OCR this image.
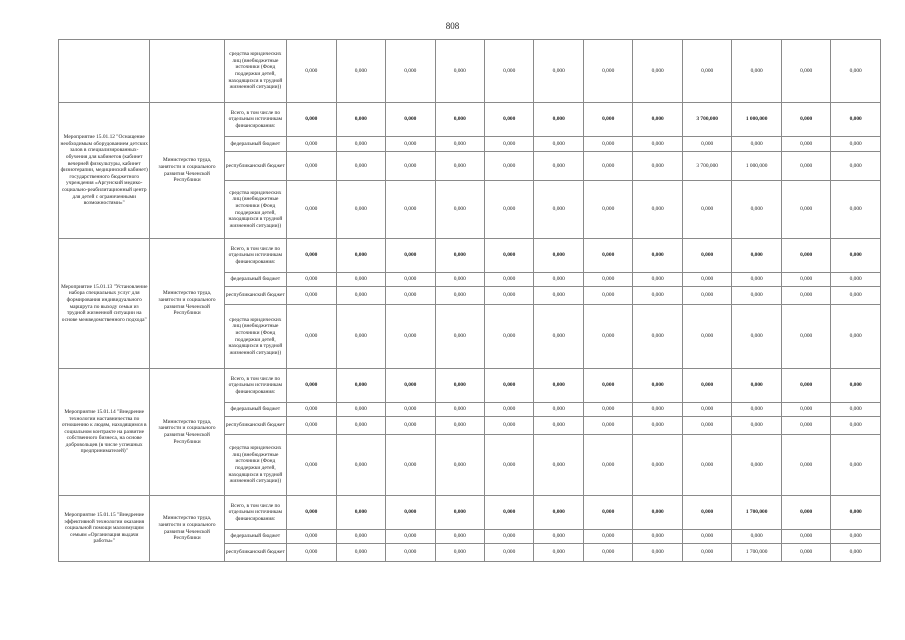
808
		средства юридических лиц (внебюджетные источники (Фонд поддержки детей, находящихся в трудной жизненной ситуации))	0,000	0,000	0,000	0,000	0,000	0,000	0,000	0,000	0,000	0,000	0,000	0,000
Мероприятие 15.01.12 "Оснащение необходимым оборудованием детских залов в специализированных-обучения для кабинетов (кабинет вечерней физкультуры, кабинет физиотерапии, медицинский кабинет) государственного бюджетного учреждения «Аргунский медико-социально-реабилитационный центр для детей с ограниченными возможностями»"	Министерство труда, занятости и социального развития Чеченской Республики	Всего, в том числе по отдельным источникам финансирования:	0,000	0,000	0,000	0,000	0,000	0,000	0,000	0,000	3 700,000	1 000,000	0,000	0,000
		федеральный бюджет	0,000	0,000	0,000	0,000	0,000	0,000	0,000	0,000	0,000	0,000	0,000	0,000
		республиканский бюджет	0,000	0,000	0,000	0,000	0,000	0,000	0,000	0,000	3 700,000	1 000,000	0,000	0,000
		средства юридических лиц (внебюджетные источники (Фонд поддержки детей, находящихся в трудной жизненной ситуации))	0,000	0,000	0,000	0,000	0,000	0,000	0,000	0,000	0,000	0,000	0,000	0,000
Мероприятие 15.01.13 "Установление набора специальных услуг для формирования индивидуального маршрута по выходу семьи из трудной жизненной ситуации на основе межведомственного подхода"	Министерство труда, занятости и социального развития Чеченской Республики	Всего, в том числе по отдельным источникам финансирования:	0,000	0,000	0,000	0,000	0,000	0,000	0,000	0,000	0,000	0,000	0,000	0,000
		федеральный бюджет	0,000	0,000	0,000	0,000	0,000	0,000	0,000	0,000	0,000	0,000	0,000	0,000
		республиканский бюджет	0,000	0,000	0,000	0,000	0,000	0,000	0,000	0,000	0,000	0,000	0,000	0,000
		средства юридических лиц (внебюджетные источники (Фонд поддержки детей, находящихся в трудной жизненной ситуации))	0,000	0,000	0,000	0,000	0,000	0,000	0,000	0,000	0,000	0,000	0,000	0,000
Мероприятие 15.01.14 "Внедрение технологии наставничества по отношению к людям, находящимся в социальном контракте на развитие собственного бизнеса, на основе добровольцев (в числе успешных предпринимателей)"	Министерство труда, занятости и социального развития Чеченской Республики	Всего, в том числе по отдельным источникам финансирования:	0,000	0,000	0,000	0,000	0,000	0,000	0,000	0,000	0,000	0,000	0,000	0,000
		федеральный бюджет	0,000	0,000	0,000	0,000	0,000	0,000	0,000	0,000	0,000	0,000	0,000	0,000
		республиканский бюджет	0,000	0,000	0,000	0,000	0,000	0,000	0,000	0,000	0,000	0,000	0,000	0,000
		средства юридических лиц (внебюджетные источники (Фонд поддержки детей, находящихся в трудной жизненной ситуации))	0,000	0,000	0,000	0,000	0,000	0,000	0,000	0,000	0,000	0,000	0,000	0,000
Мероприятие 15.01.15 "Внедрение эффективной технологии оказания социальной помощи малоимущим семьям «Организация выдачи работы»"	Министерство труда, занятости и социального развития Чеченской Республики	Всего, в том числе по отдельным источникам финансирования:	0,000	0,000	0,000	0,000	0,000	0,000	0,000	0,000	0,000	1 700,000	0,000	0,000
		федеральный бюджет	0,000	0,000	0,000	0,000	0,000	0,000	0,000	0,000	0,000	0,000	0,000	0,000
		республиканский бюджет	0,000	0,000	0,000	0,000	0,000	0,000	0,000	0,000	0,000	1 700,000	0,000	0,000
